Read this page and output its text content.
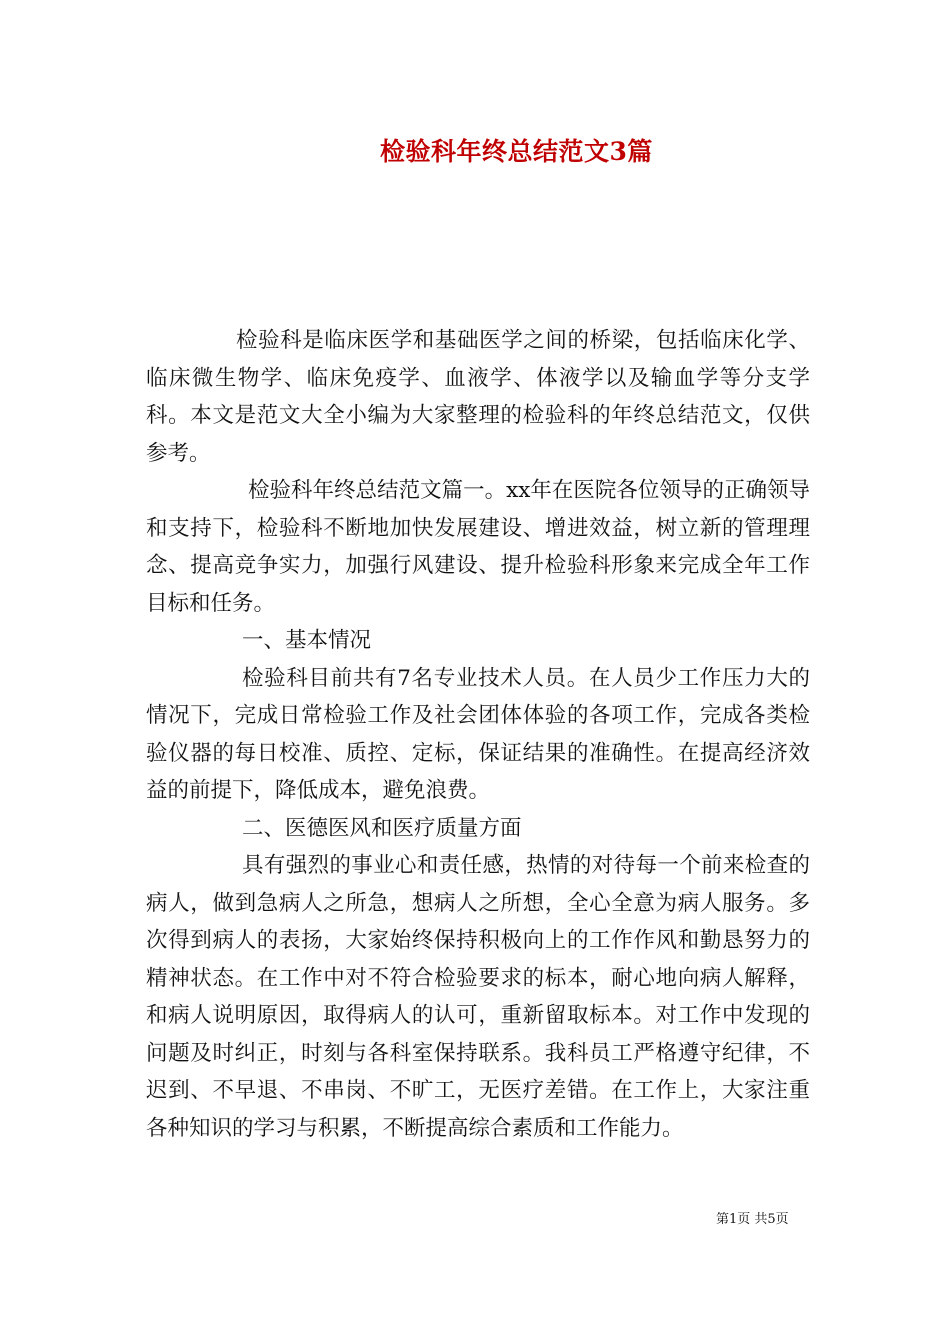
检验科年终总结范文3篇

检验科是临床医学和基础医学之间的桥梁，包括临床化学、临床微生物学、临床免疫学、血液学、体液学以及输血学等分支学科。本文是范文大全小编为大家整理的检验科的年终总结范文，仅供参考。

检验科年终总结范文篇一。xx年在医院各位领导的正确领导和支持下，检验科不断地加快发展建设、增进效益，树立新的管理理念、提高竞争实力，加强行风建设、提升检验科形象来完成全年工作目标和任务。

一、基本情况

检验科目前共有7名专业技术人员。在人员少工作压力大的情况下，完成日常检验工作及社会团体体验的各项工作，完成各类检验仪器的每日校准、质控、定标，保证结果的准确性。在提高经济效益的前提下，降低成本，避免浪费。

二、医德医风和医疗质量方面

具有强烈的事业心和责任感，热情的对待每一个前来检查的病人，做到急病人之所急，想病人之所想，全心全意为病人服务。多次得到病人的表扬，大家始终保持积极向上的工作作风和勤恳努力的精神状态。在工作中对不符合检验要求的标本，耐心地向病人解释，和病人说明原因，取得病人的认可，重新留取标本。对工作中发现的问题及时纠正，时刻与各科室保持联系。我科员工严格遵守纪律，不迟到、不早退、不串岗、不旷工，无医疗差错。在工作上，大家注重各种知识的学习与积累，不断提高综合素质和工作能力。

第1页 共5页
